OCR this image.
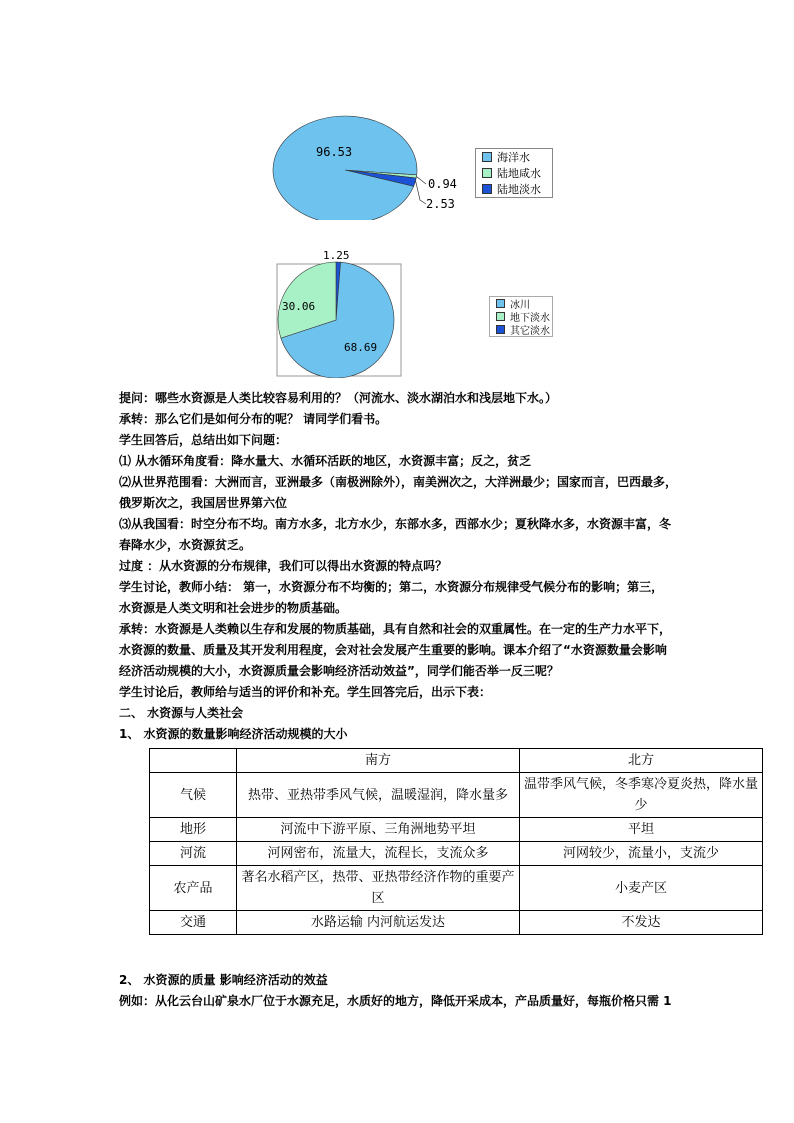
96.53
0.94
2.53
海洋水
陆地咸水
陆地淡水
68.69
30.06
1.25
冰川
地下淡水
其它淡水
提问：哪些水资源是人类比较容易利用的？（河流水、淡水湖泊水和浅层地下水。）
承转：那么它们是如何分布的呢？ 请同学们看书。
学生回答后，总结出如下问题：
⑴ 从水循环角度看：降水量大、水循环活跃的地区，水资源丰富；反之，贫乏
⑵从世界范围看：大洲而言，亚洲最多（南极洲除外），南美洲次之，大洋洲最少；国家而言，巴西最多，
俄罗斯次之，我国居世界第六位
⑶从我国看：时空分布不均。南方水多，北方水少，东部水多，西部水少；夏秋降水多，水资源丰富，冬
春降水少，水资源贫乏。
过度 ：从水资源的分布规律，我们可以得出水资源的特点吗？
学生讨论，教师小结： 第一，水资源分布不均衡的；第二，水资源分布规律受气候分布的影响；第三，
水资源是人类文明和社会进步的物质基础。
承转：水资源是人类赖以生存和发展的物质基础，具有自然和社会的双重属性。在一定的生产力水平下，
水资源的数量、质量及其开发利用程度，会对社会发展产生重要的影响。课本介绍了“水资源数量会影响
经济活动规模的大小，水资源质量会影响经济活动效益”，同学们能否举一反三呢？
学生讨论后，教师给与适当的评价和补充。学生回答完后，出示下表：
二、 水资源与人类社会
1、 水资源的数量影响经济活动规模的大小
	南方	北方
气候	热带、亚热带季风气候，温暖湿润，降水量多	温带季风气候，冬季寒冷夏炎热，降水量少
地形	河流中下游平原、三角洲地势平坦	平坦
河流	河网密布，流量大，流程长，支流众多	河网较少，流量小，支流少
农产品	著名水稻产区，热带、亚热带经济作物的重要产区	小麦产区
交通	水路运输 内河航运发达	不发达
2、 水资源的质量 影响经济活动的效益
例如：从化云台山矿泉水厂位于水源充足，水质好的地方，降低开采成本，产品质量好，每瓶价格只需 1
